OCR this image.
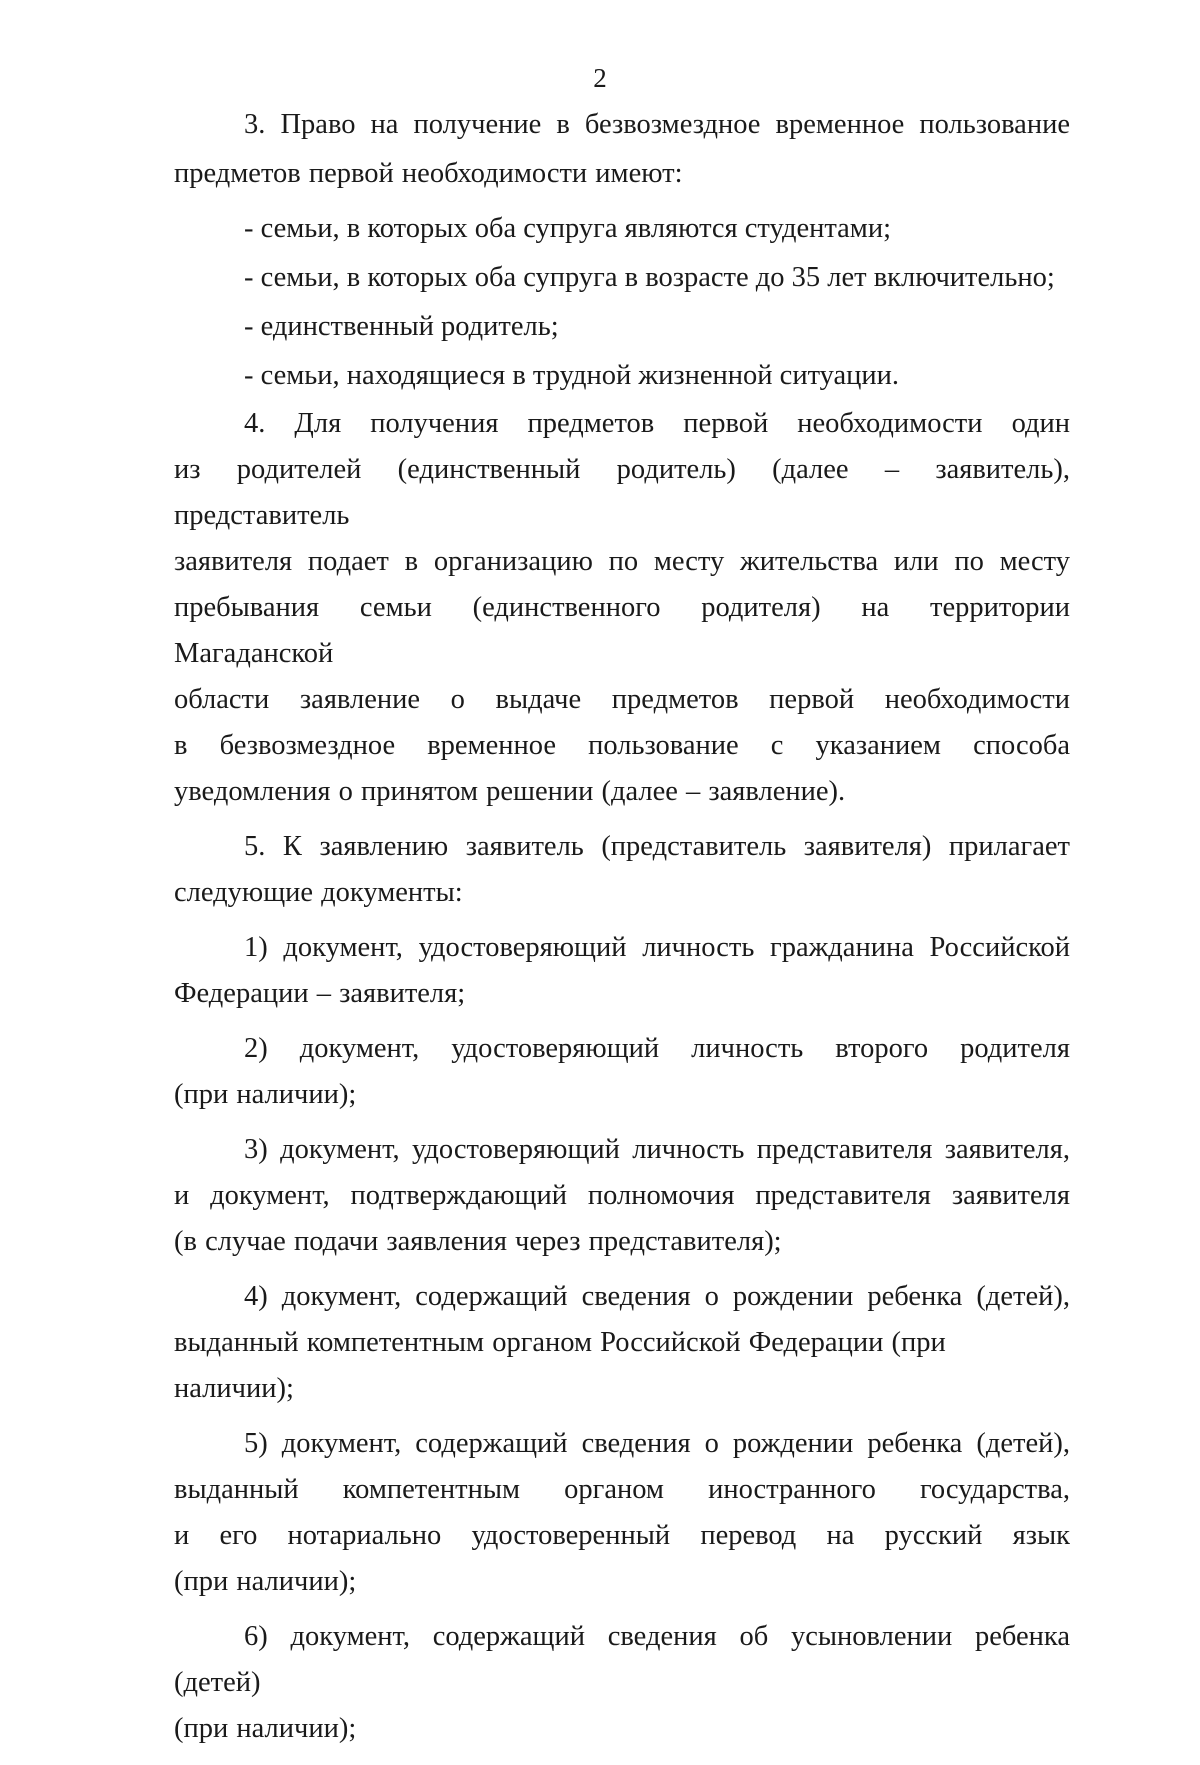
2
3. Право на получение в безвозмездное временное пользование
предметов первой необходимости имеют:
- семьи, в которых оба супруга являются студентами;
- семьи, в которых оба супруга в возрасте до 35 лет включительно;
- единственный родитель;
- семьи, находящиеся в трудной жизненной ситуации.
4. Для получения предметов первой необходимости один
из родителей (единственный родитель) (далее – заявитель), представитель
заявителя подает в организацию по месту жительства или по месту
пребывания семьи (единственного родителя) на территории Магаданской
области заявление о выдаче предметов первой необходимости
в безвозмездное временное пользование с указанием способа
уведомления о принятом решении (далее – заявление).
5. К заявлению заявитель (представитель заявителя) прилагает
следующие документы:
1) документ, удостоверяющий личность гражданина Российской
Федерации – заявителя;
2) документ, удостоверяющий личность второго родителя
(при наличии);
3) документ, удостоверяющий личность представителя заявителя,
и документ, подтверждающий полномочия представителя заявителя
(в случае подачи заявления через представителя);
4) документ, содержащий сведения о рождении ребенка (детей),
выданный компетентным органом Российской Федерации (при наличии);
5) документ, содержащий сведения о рождении ребенка (детей),
выданный компетентным органом иностранного государства,
и его нотариально удостоверенный перевод на русский язык
(при наличии);
6) документ, содержащий сведения об усыновлении ребенка (детей)
(при наличии);
